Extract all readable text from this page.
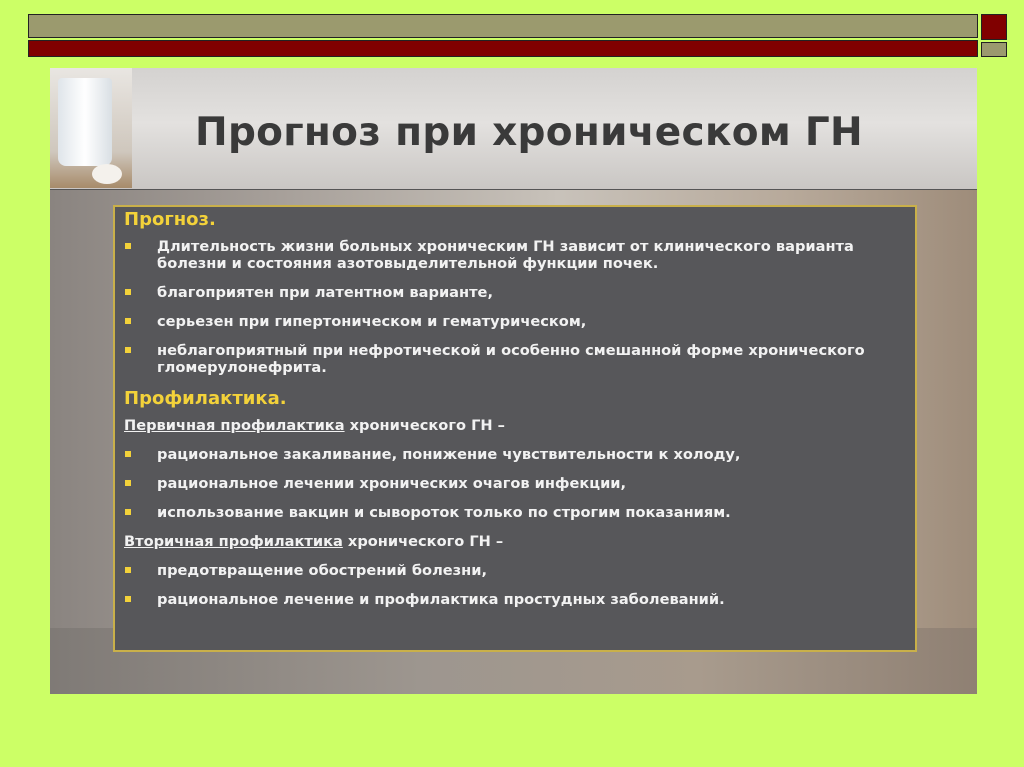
Прогноз при хроническом ГН
Прогноз.
Длительность жизни больных хроническим ГН зависит от клинического варианта болезни и состояния азотовыделительной функции почек.
благоприятен при латентном варианте,
серьезен при гипертоническом и гематурическом,
неблагоприятный при нефротической и особенно смешанной форме хронического гломерулонефрита.
Профилактика.
Первичная профилактика хронического ГН –
рациональное закаливание, понижение чувствительности к холоду,
рациональное лечении хронических очагов инфекции,
использование вакцин и сывороток только по строгим показаниям.
Вторичная профилактика хронического ГН –
предотвращение обострений болезни,
рациональное лечение и профилактика простудных заболеваний.
